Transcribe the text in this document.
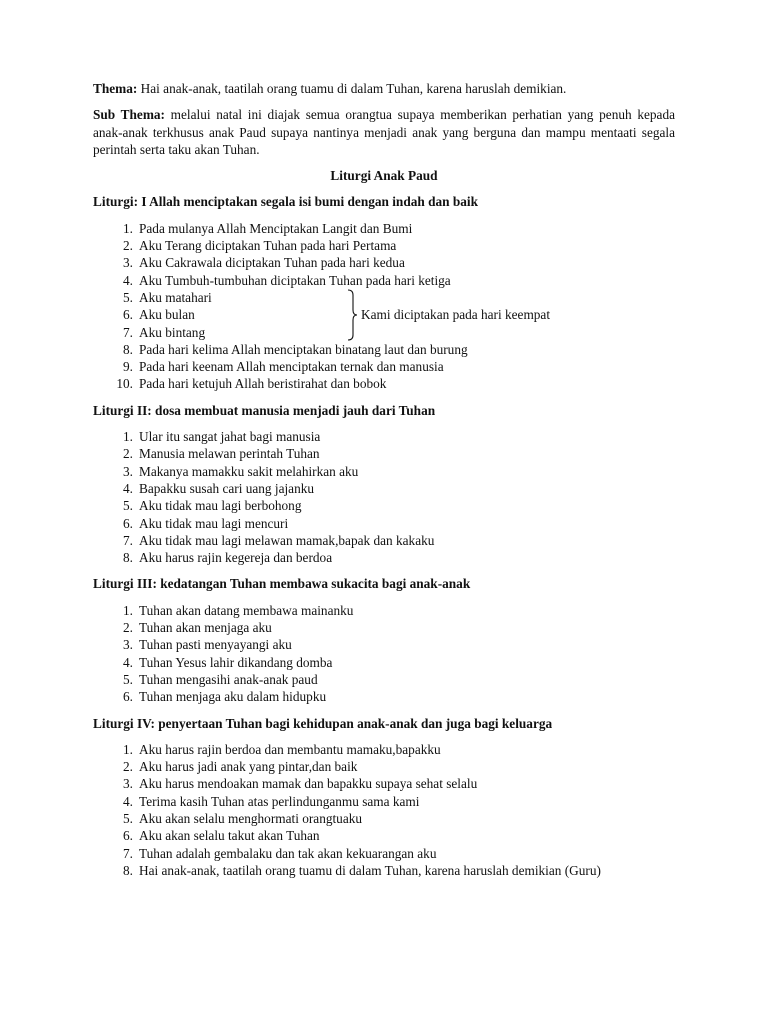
Thema: Hai anak-anak, taatilah orang tuamu di dalam Tuhan, karena haruslah demikian.

Sub Thema: melalui natal ini diajak semua orangtua supaya memberikan perhatian yang penuh kepada anak-anak terkhusus anak Paud supaya nantinya menjadi anak yang berguna dan mampu mentaati segala perintah serta taku akan Tuhan.

Liturgi Anak Paud

Liturgi: I Allah menciptakan segala isi bumi dengan indah dan baik

1. Pada mulanya Allah Menciptakan Langit dan Bumi
2. Aku Terang diciptakan Tuhan pada hari Pertama
3. Aku Cakrawala diciptakan Tuhan pada hari kedua
4. Aku Tumbuh-tumbuhan diciptakan Tuhan pada hari ketiga
5. Aku matahari
Kami diciptakan pada hari keempat
6. Aku bulan
7. Aku bintang
8. Pada hari kelima Allah menciptakan binatang laut dan burung
9. Pada hari keenam Allah menciptakan ternak dan manusia
10. Pada hari ketujuh Allah beristirahat dan bobok

Liturgi II: dosa membuat manusia menjadi jauh dari Tuhan

1. Ular itu sangat jahat bagi manusia
2. Manusia melawan perintah Tuhan
3. Makanya mamakku sakit melahirkan aku
4. Bapakku susah cari uang jajanku
5. Aku tidak mau lagi berbohong
6. Aku tidak mau lagi mencuri
7. Aku tidak mau lagi melawan mamak,bapak dan kakaku
8. Aku harus rajin kegereja dan berdoa

Liturgi III: kedatangan Tuhan membawa sukacita bagi anak-anak

1. Tuhan akan datang membawa mainanku
2. Tuhan akan menjaga aku
3. Tuhan pasti menyayangi aku
4. Tuhan Yesus lahir dikandang domba
5. Tuhan mengasihi anak-anak paud
6. Tuhan menjaga aku dalam hidupku

Liturgi IV: penyertaan Tuhan bagi kehidupan anak-anak dan juga bagi keluarga

1. Aku harus rajin berdoa dan membantu mamaku,bapakku
2. Aku harus jadi anak yang pintar,dan baik
3. Aku harus mendoakan mamak dan bapakku supaya sehat selalu
4. Terima kasih Tuhan atas perlindunganmu sama kami
5. Aku akan selalu menghormati orangtuaku
6. Aku akan selalu takut akan Tuhan
7. Tuhan adalah gembalaku dan tak akan kekuarangan aku
8. Hai anak-anak, taatilah orang tuamu di dalam Tuhan, karena haruslah demikian (Guru)
